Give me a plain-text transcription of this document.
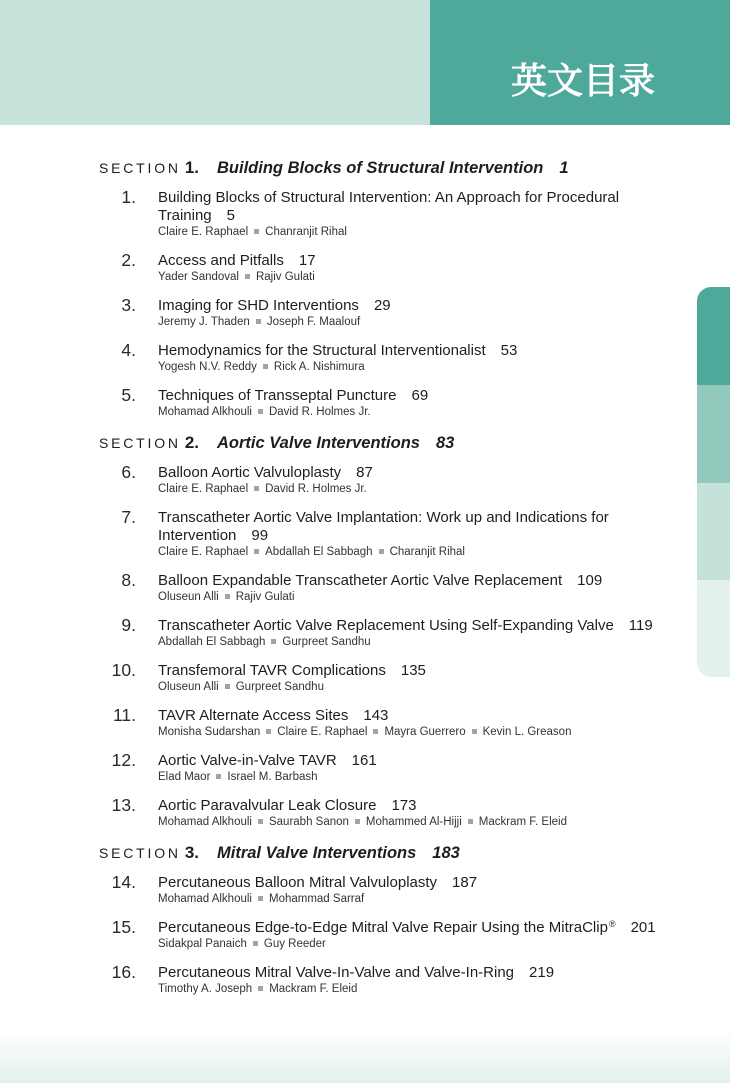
英文目录
SECTION 1. Building Blocks of Structural Intervention 1
1. Building Blocks of Structural Intervention: An Approach for Procedural Training 5
Claire E. Raphael Chanranjit Rihal
2. Access and Pitfalls 17
Yader Sandoval Rajiv Gulati
3. Imaging for SHD Interventions 29
Jeremy J. Thaden Joseph F. Maalouf
4. Hemodynamics for the Structural Interventionalist 53
Yogesh N.V. Reddy Rick A. Nishimura
5. Techniques of Transseptal Puncture 69
Mohamad Alkhouli David R. Holmes Jr.
SECTION 2. Aortic Valve Interventions 83
6. Balloon Aortic Valvuloplasty 87
Claire E. Raphael David R. Holmes Jr.
7. Transcatheter Aortic Valve Implantation: Work up and Indications for Intervention 99
Claire E. Raphael Abdallah El Sabbagh Charanjit Rihal
8. Balloon Expandable Transcatheter Aortic Valve Replacement 109
Oluseun Alli Rajiv Gulati
9. Transcatheter Aortic Valve Replacement Using Self-Expanding Valve 119
Abdallah El Sabbagh Gurpreet Sandhu
10. Transfemoral TAVR Complications 135
Oluseun Alli Gurpreet Sandhu
11. TAVR Alternate Access Sites 143
Monisha Sudarshan Claire E. Raphael Mayra Guerrero Kevin L. Greason
12. Aortic Valve-in-Valve TAVR 161
Elad Maor Israel M. Barbash
13. Aortic Paravalvular Leak Closure 173
Mohamad Alkhouli Saurabh Sanon Mohammed Al-Hijji Mackram F. Eleid
SECTION 3. Mitral Valve Interventions 183
14. Percutaneous Balloon Mitral Valvuloplasty 187
Mohamad Alkhouli Mohammad Sarraf
15. Percutaneous Edge-to-Edge Mitral Valve Repair Using the MitraClip® 201
Sidakpal Panaich Guy Reeder
16. Percutaneous Mitral Valve-In-Valve and Valve-In-Ring 219
Timothy A. Joseph Mackram F. Eleid
